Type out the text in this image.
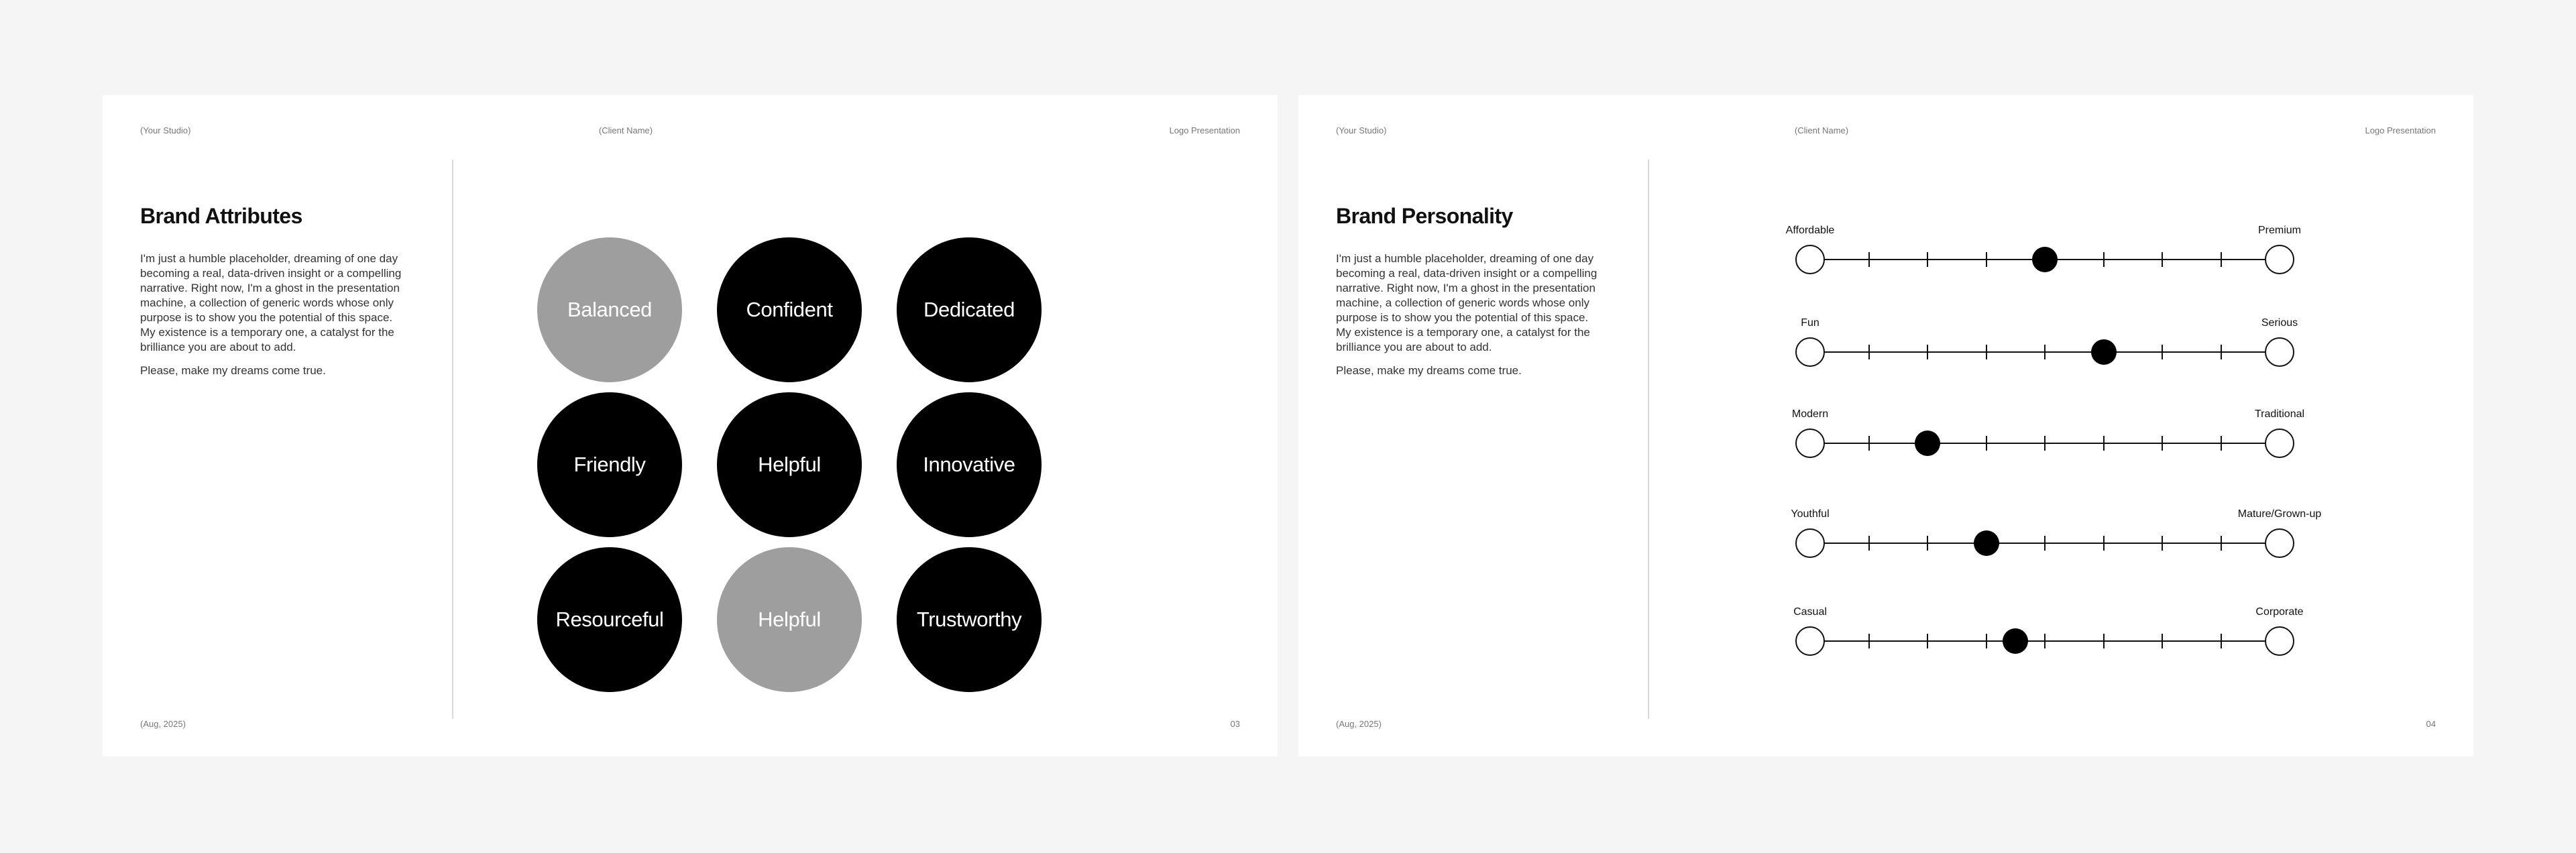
(Your Studio)	(Client Name)	Logo Presentation
Brand Attributes

I'm just a humble placeholder, dreaming of one day becoming a real, data-driven insight or a compelling narrative. Right now, I'm a ghost in the presentation machine, a collection of generic words whose only purpose is to show you the potential of this space. My existence is a temporary one, a catalyst for the brilliance you are about to add.

Please, make my dreams come true.

Balanced	Confident	Dedicated
Friendly	Helpful	Innovative
Resourceful	Helpful	Trustworthy
(Aug, 2025)	03
(Your Studio)	(Client Name)	Logo Presentation
Brand Personality

I'm just a humble placeholder, dreaming of one day becoming a real, data-driven insight or a compelling narrative. Right now, I'm a ghost in the presentation machine, a collection of generic words whose only purpose is to show you the potential of this space. My existence is a temporary one, a catalyst for the brilliance you are about to add.

Please, make my dreams come true.

Affordable	Premium
Fun	Serious
Modern	Traditional
Youthful	Mature/Grown-up
Casual	Corporate
(Aug, 2025)	04
